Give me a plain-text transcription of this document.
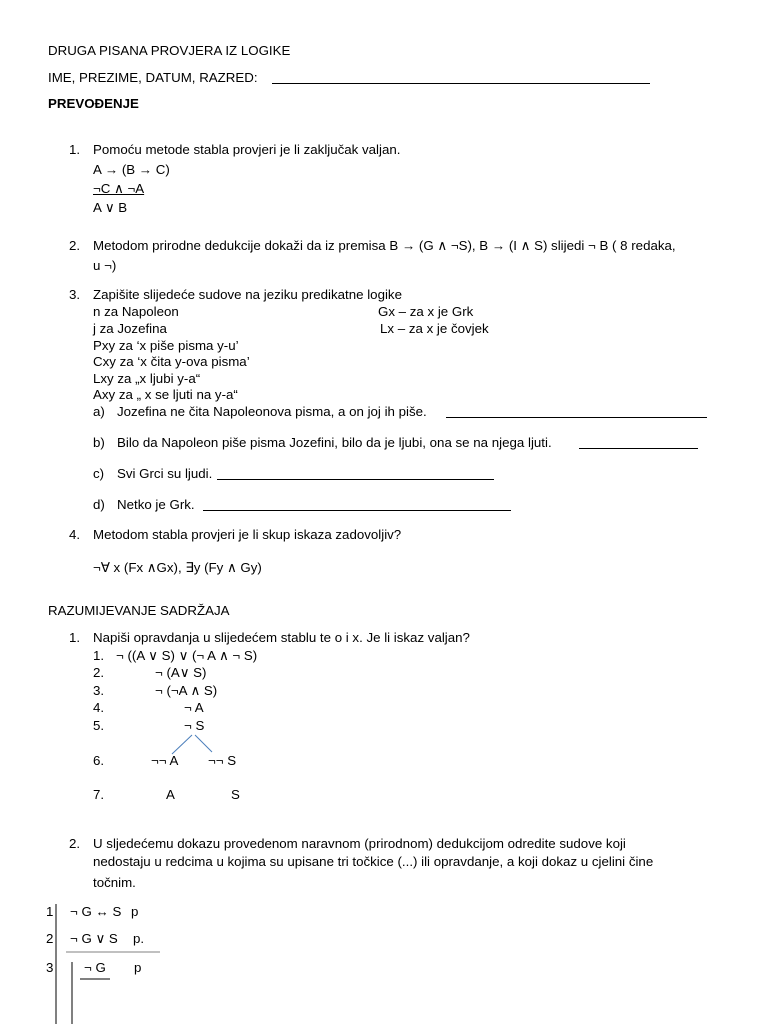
DRUGA PISANA PROVJERA IZ LOGIKE
IME, PREZIME, DATUM, RAZRED:
PREVOĐENJE
1. Pomoću metode stabla provjeri je li zaključak valjan.
A → (B → C)
¬C ∧ ¬A
A ∨ B
2. Metodom prirodne dedukcije dokaži da iz premisa B → (G ∧ ¬S), B → (I ∧ S) slijedi ¬ B ( 8 redaka,
u ¬)
3. Zapišite slijedeće sudove na jeziku predikatne logike
n za Napoleon	Gx – za x je Grk
j za Jozefina	Lx – za x je čovjek
Pxy za ‘x piše pisma y-u’
Cxy za ‘x čita y-ova pisma’
Lxy za „x ljubi y-a“
Axy za „ x se ljuti na y-a“
a) Jozefina ne čita Napoleonova pisma, a on joj ih piše.
b) Bilo da Napoleon piše pisma Jozefini, bilo da je ljubi, ona se na njega ljuti.
c) Svi Grci su ljudi.
d) Netko je Grk.
4. Metodom stabla provjeri je li skup iskaza zadovoljiv?
¬∀ x (Fx ∧Gx), ∃y (Fy ∧ Gy)
RAZUMIJEVANJE SADRŽAJA
1. Napiši opravdanja u slijedećem stablu te o i x. Je li iskaz valjan?
1. ¬ ((A ∨ S) ∨ (¬ A ∧ ¬ S)
2.	¬ (A∨ S)
3.	¬ (¬A ∧ S)
4.	¬ A
5.	¬ S
6.	¬¬ A ¬¬ S
7.	A	S
2. U sljedećemu dokazu provedenom naravnom (prirodnom) dedukcijom odredite sudove koji
nedostaju u redcima u kojima su upisane tri točkice (...) ili opravdanje, a koji dokaz u cjelini čine
točnim.
1 ¬ G ↔ S p
2 ¬ G ∨ S p.
3 ¬ G p
